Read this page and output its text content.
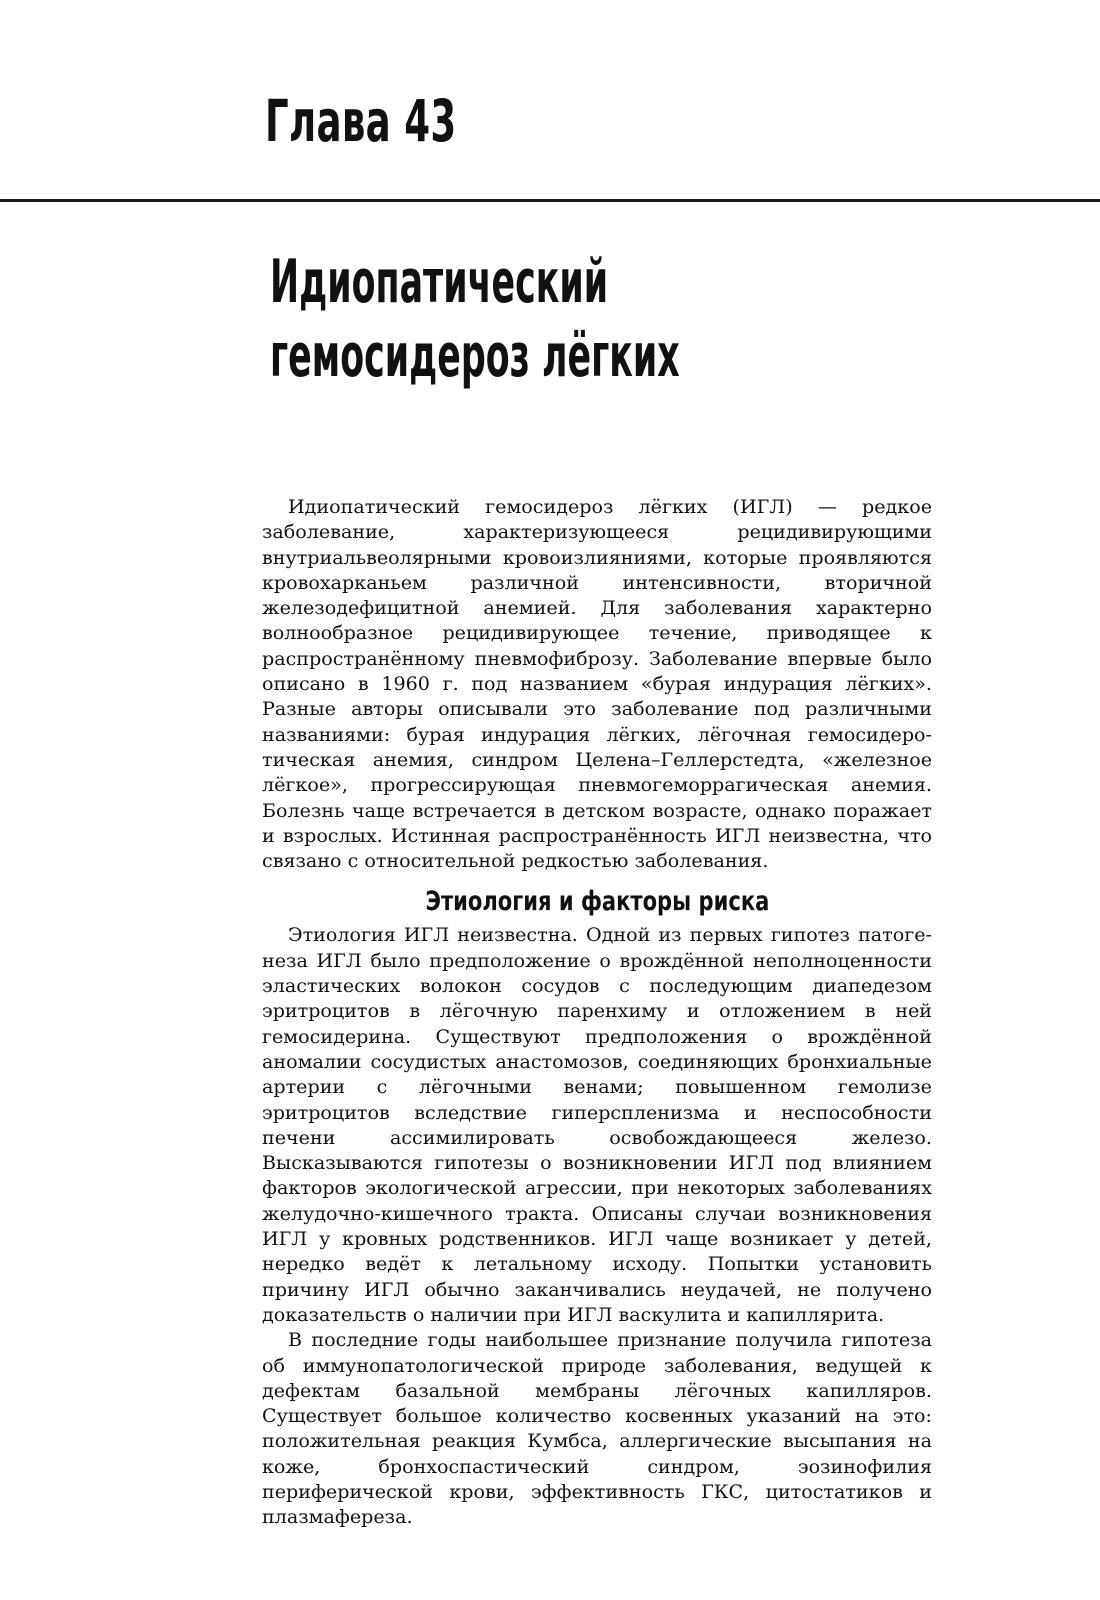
Глава 43
Идиопатический
гемосидероз лёгких

Идиопатический гемосидероз лёгких (ИГЛ) — редкое заболевание, характеризующееся рецидивирующими внутриальвеолярными кровоизлияниями, которые проявляются кровохарканьем различной интенсивности, вторичной железодефицитной анемией. Для заболевания характерно волнообразное рецидивирующее течение, приводящее к распространённому пневмофиброзу. Заболевание впервые было описано в 1960 г. под названием «бурая индурация лёгких». Разные авторы описывали это заболевание под различными названиями: бурая индурация лёгких, лёгочная гемосидеротическая анемия, синдром Целена–Геллерстедта, «железное лёгкое», прогрессирующая пневмогеморрагическая анемия. Болезнь чаще встречается в детском возрасте, однако поражает и взрослых. Истинная распространённость ИГЛ неизвестна, что связано с относительной редкостью заболевания.

Этиология и факторы риска

Этиология ИГЛ неизвестна. Одной из первых гипотез патогенеза ИГЛ было предположение о врождённой неполноценности эластических волокон сосудов с последующим диапедезом эритроцитов в лёгочную паренхиму и отложением в ней гемосидерина. Существуют предположения о врождённой аномалии сосудистых анастомозов, соединяющих бронхиальные артерии с лёгочными венами; повышенном гемолизе эритроцитов вследствие гиперспленизма и неспособности печени ассимилировать освобождающееся железо. Высказываются гипотезы о возникновении ИГЛ под влиянием факторов экологической агрессии, при некоторых заболеваниях желудочно-кишечного тракта. Описаны случаи возникновения ИГЛ у кровных родственников. ИГЛ чаще возникает у детей, нередко ведёт к летальному исходу. Попытки установить причину ИГЛ обычно заканчивались неудачей, не получено доказательств о наличии при ИГЛ васкулита и капиллярита.

В последние годы наибольшее признание получила гипотеза об иммунопатологической природе заболевания, ведущей к дефектам базальной мембраны лёгочных капилляров. Существует большое количество косвенных указаний на это: положительная реакция Кумбса, аллергические высыпания на коже, бронхоспастический синдром, эозинофилия периферической крови, эффективность ГКС, цитостатиков и плазмафереза.
